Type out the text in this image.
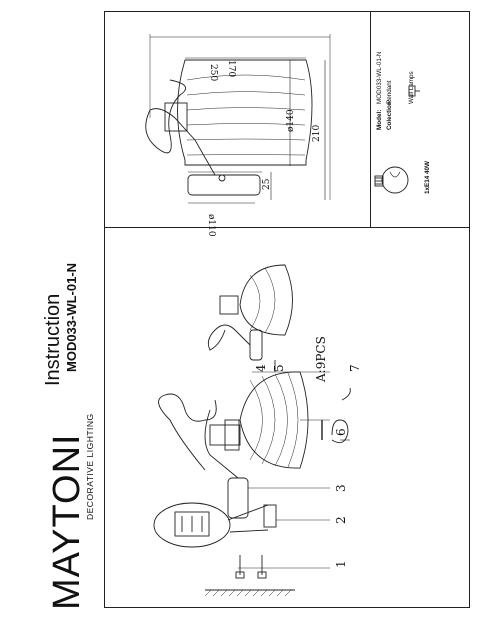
MAYTONI
DECORATIVE LIGHTING
Instruction MOD033-WL-01-N
1
2
3
4 5 A:9PCS
6
7
250 170
ø140
210
25
ø110
Model:
MOD033-WL-01-N
Colection:
Pendant Wall Lamps
1xE14 40W
